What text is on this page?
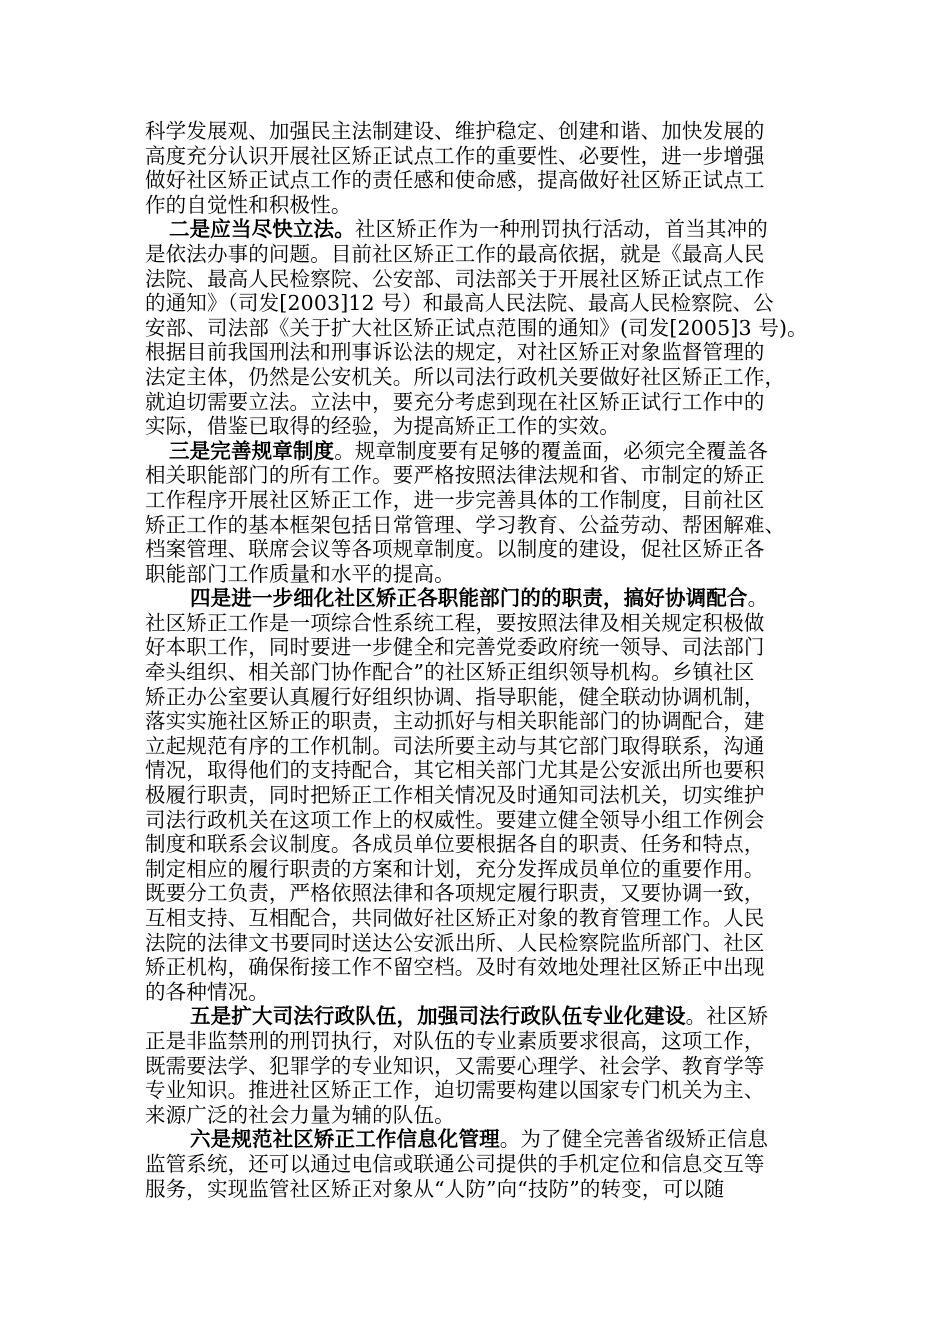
科学发展观、加强民主法制建设、维护稳定、创建和谐、加快发展的
高度充分认识开展社区矫正试点工作的重要性、必要性，进一步增强
做好社区矫正试点工作的责任感和使命感，提高做好社区矫正试点工
作的自觉性和积极性。
二是应当尽快立法。社区矫正作为一种刑罚执行活动，首当其冲的
是依法办事的问题。目前社区矫正工作的最高依据，就是《最高人民
法院、最高人民检察院、公安部、司法部关于开展社区矫正试点工作
的通知》（司发[2003]12 号）和最高人民法院、最高人民检察院、公
安部、司法部《关于扩大社区矫正试点范围的通知》(司发[2005]3 号)。
根据目前我国刑法和刑事诉讼法的规定，对社区矫正对象监督管理的
法定主体，仍然是公安机关。所以司法行政机关要做好社区矫正工作，
就迫切需要立法。立法中，要充分考虑到现在社区矫正试行工作中的
实际，借鉴已取得的经验，为提高矫正工作的实效。
三是完善规章制度。规章制度要有足够的覆盖面，必须完全覆盖各
相关职能部门的所有工作。要严格按照法律法规和省、市制定的矫正
工作程序开展社区矫正工作，进一步完善具体的工作制度，目前社区
矫正工作的基本框架包括日常管理、学习教育、公益劳动、帮困解难、
档案管理、联席会议等各项规章制度。以制度的建设，促社区矫正各
职能部门工作质量和水平的提高。
四是进一步细化社区矫正各职能部门的的职责，搞好协调配合。
社区矫正工作是一项综合性系统工程，要按照法律及相关规定积极做
好本职工作，同时要进一步健全和完善党委政府统一领导、司法部门
牵头组织、相关部门协作配合”的社区矫正组织领导机构。乡镇社区
矫正办公室要认真履行好组织协调、指导职能，健全联动协调机制，
落实实施社区矫正的职责，主动抓好与相关职能部门的协调配合，建
立起规范有序的工作机制。司法所要主动与其它部门取得联系，沟通
情况，取得他们的支持配合，其它相关部门尤其是公安派出所也要积
极履行职责，同时把矫正工作相关情况及时通知司法机关，切实维护
司法行政机关在这项工作上的权威性。要建立健全领导小组工作例会
制度和联系会议制度。各成员单位要根据各自的职责、任务和特点，
制定相应的履行职责的方案和计划，充分发挥成员单位的重要作用。
既要分工负责，严格依照法律和各项规定履行职责，又要协调一致，
互相支持、互相配合，共同做好社区矫正对象的教育管理工作。人民
法院的法律文书要同时送达公安派出所、人民检察院监所部门、社区
矫正机构，确保衔接工作不留空档。及时有效地处理社区矫正中出现
的各种情况。
五是扩大司法行政队伍，加强司法行政队伍专业化建设。社区矫
正是非监禁刑的刑罚执行，对队伍的专业素质要求很高，这项工作，
既需要法学、犯罪学的专业知识，又需要心理学、社会学、教育学等
专业知识。推进社区矫正工作，迫切需要构建以国家专门机关为主、
来源广泛的社会力量为辅的队伍。
六是规范社区矫正工作信息化管理。为了健全完善省级矫正信息
监管系统，还可以通过电信或联通公司提供的手机定位和信息交互等
服务，实现监管社区矫正对象从“人防”向“技防”的转变，可以随
